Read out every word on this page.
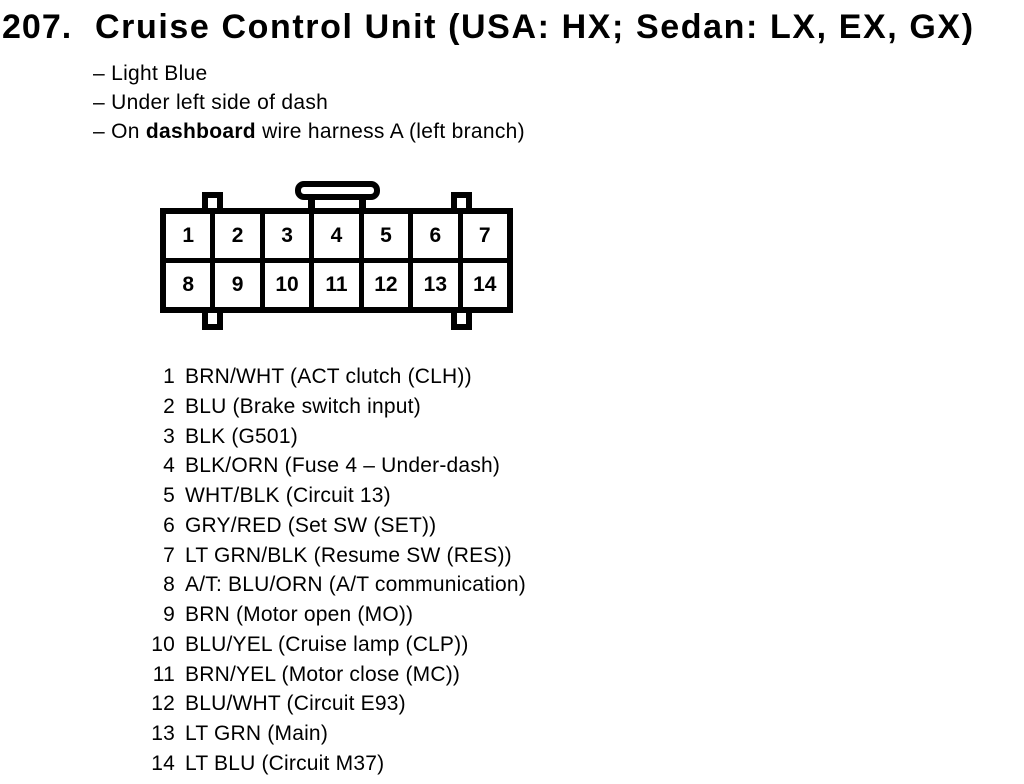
207. Cruise Control Unit (USA: HX; Sedan: LX, EX, GX)
– Light Blue
– Under left side of dash
– On dashboard wire harness A (left branch)
1	2	3	4	5	6	7
8	9	10	11	12	13	14
1 BRN/WHT (ACT clutch (CLH))
2 BLU (Brake switch input)
3 BLK (G501)
4 BLK/ORN (Fuse 4 – Under-dash)
5 WHT/BLK (Circuit 13)
6 GRY/RED (Set SW (SET))
7 LT GRN/BLK (Resume SW (RES))
8 A/T: BLU/ORN (A/T communication)
9 BRN (Motor open (MO))
10 BLU/YEL (Cruise lamp (CLP))
11 BRN/YEL (Motor close (MC))
12 BLU/WHT (Circuit E93)
13 LT GRN (Main)
14 LT BLU (Circuit M37)
